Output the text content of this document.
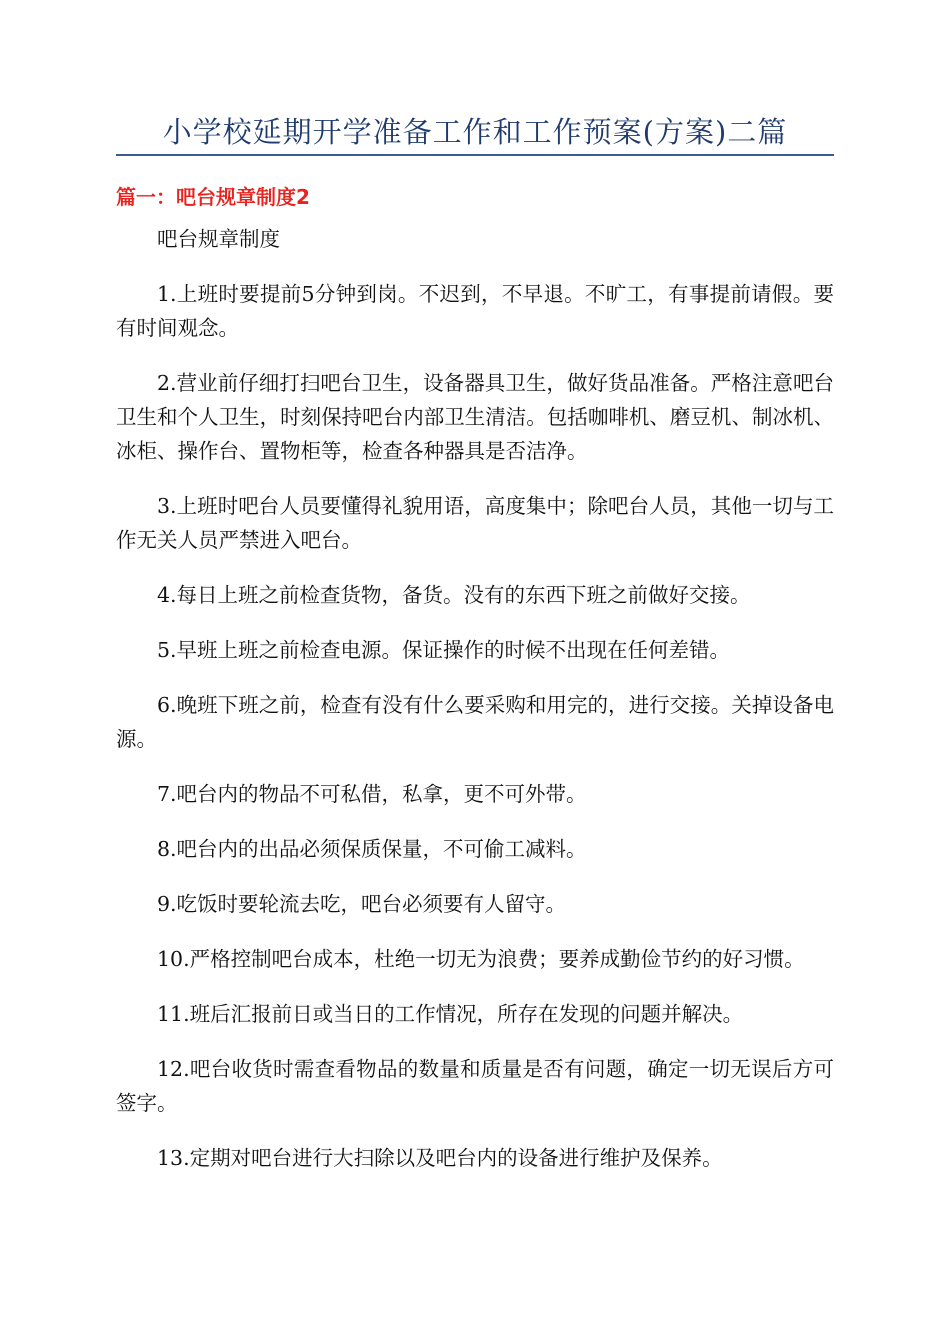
小学校延期开学准备工作和工作预案(方案)二篇
篇一：吧台规章制度2

吧台规章制度

1.上班时要提前5分钟到岗。不迟到，不早退。不旷工，有事提前请假。要有时间观念。

2.营业前仔细打扫吧台卫生，设备器具卫生，做好货品准备。严格注意吧台卫生和个人卫生，时刻保持吧台内部卫生清洁。包括咖啡机、磨豆机、制冰机、冰柜、操作台、置物柜等，检查各种器具是否洁净。

3.上班时吧台人员要懂得礼貌用语，高度集中；除吧台人员，其他一切与工作无关人员严禁进入吧台。

4.每日上班之前检查货物，备货。没有的东西下班之前做好交接。

5.早班上班之前检查电源。保证操作的时候不出现在任何差错。

6.晚班下班之前，检查有没有什么要采购和用完的，进行交接。关掉设备电源。

7.吧台内的物品不可私借，私拿，更不可外带。

8.吧台内的出品必须保质保量，不可偷工减料。

9.吃饭时要轮流去吃，吧台必须要有人留守。

10.严格控制吧台成本，杜绝一切无为浪费；要养成勤俭节约的好习惯。

11.班后汇报前日或当日的工作情况，所存在发现的问题并解决。

12.吧台收货时需查看物品的数量和质量是否有问题，确定一切无误后方可签字。

13.定期对吧台进行大扫除以及吧台内的设备进行维护及保养。
